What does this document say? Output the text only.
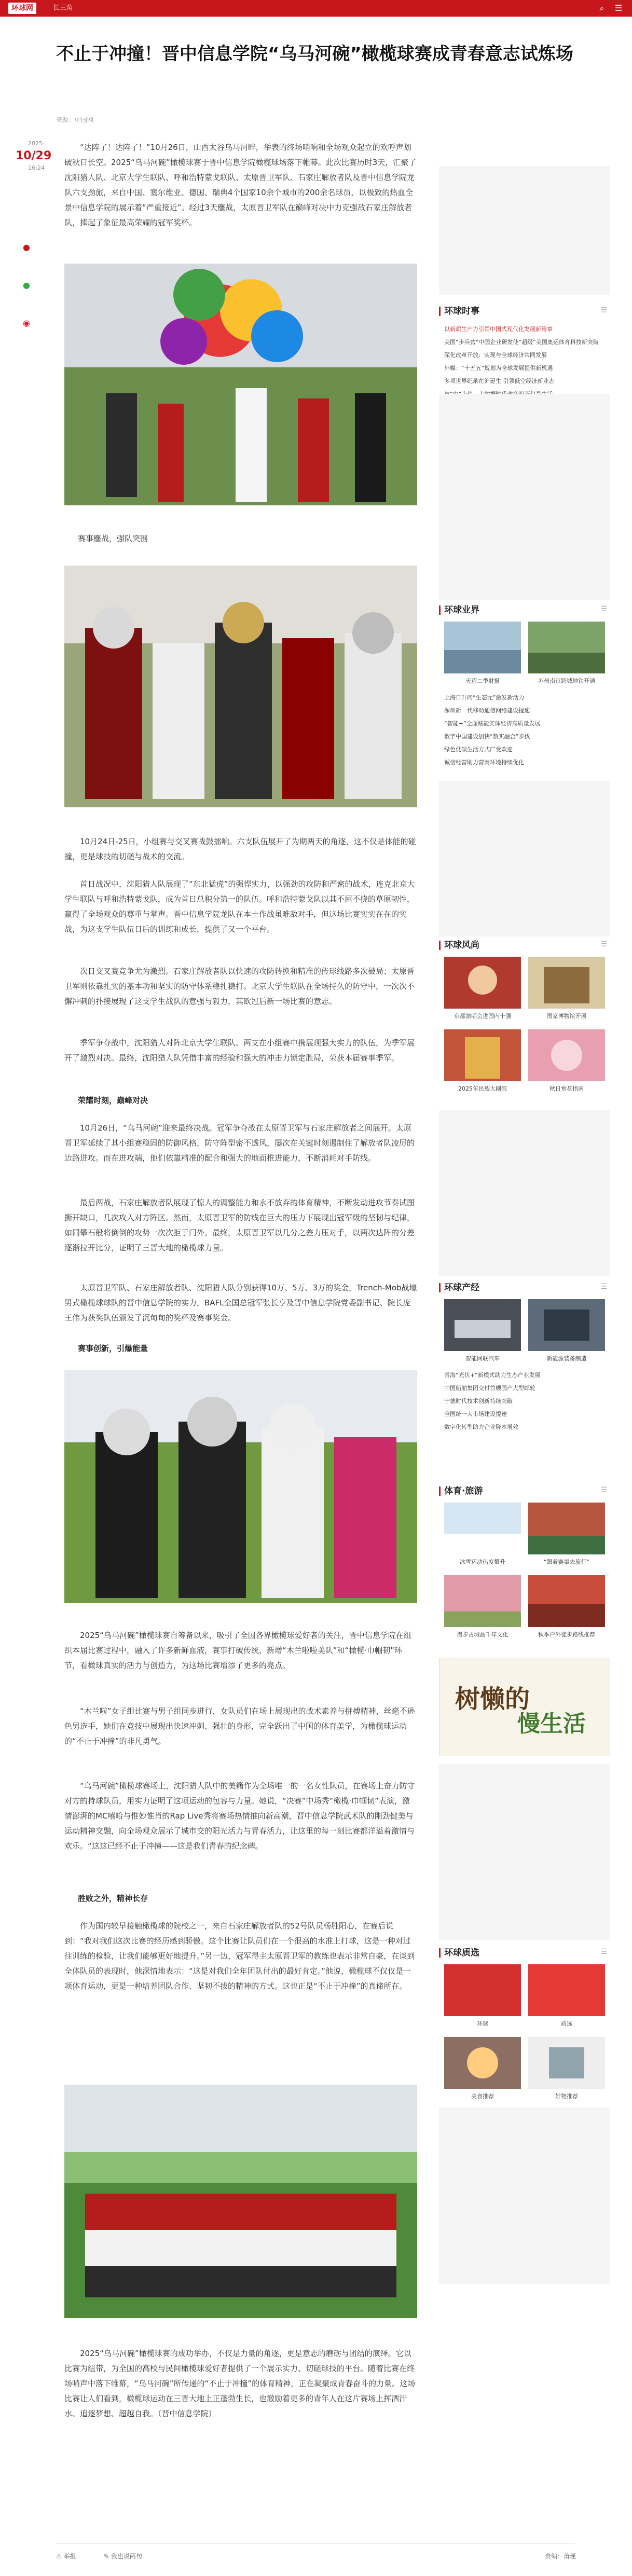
环球网	长三角	⌕	☰
不止于冲撞！晋中信息学院“乌马河碗”橄榄球赛成青春意志试炼场
来源：中国网
2025-
10/29
16:24
●
●
◉

“达阵了！达阵了！”10月26日，山西太谷乌马河畔，举表的终场哨响和全场观众起立的欢呼声划破秋日长空。2025“乌马河碗”橄榄球赛于晋中信息学院橄榄球场落下帷幕。此次比赛历时3天，汇聚了沈阳猎人队、北京大学生联队、呼和浩特蒙戈联队、太原晋卫军队、石家庄解放者队及晋中信息学院龙队六支劲旅，来自中国、塞尔维亚、德国、瑞典4个国家10余个城市的200余名球员，以极致的热血全景中信息学院的展示着“严重接近”。经过3天鏖战，太原晋卫军队在巅峰对决中力克强敌石家庄解放者队，捧起了象征最高荣耀的冠军奖杯。

赛事鏖战，强队突围

10月24日-25日，小组赛与交叉赛战鼓擂响。六支队伍展开了为期两天的角逐，这不仅是体能的碰撞，更是球技的切磋与战术的交流。

首日战况中，沈阳猎人队展现了“东北猛虎”的强悍实力，以强劲的攻防和严密的战术，连克北京大学生联队与呼和浩特蒙戈队，成为首日总积分第一的队伍。呼和浩特蒙戈队以其不屈不挠的草原韧性，赢得了全场观众的尊重与掌声。晋中信息学院龙队在本土作战虽难敌对手，但这场比赛实实在在的实战，为这支学生队伍日后的训练和成长，提供了又一个平台。

次日交叉赛竞争尤为激烈。石家庄解放者队以快速的攻防转换和精准的传球线路多次破局；太原晋卫军则依靠扎实的基本功和坚实的防守体系稳扎稳打。北京大学生联队在全场持久的防守中，一次次不懈冲刺的扑接展现了这支学生战队的意强与毅力，其欧冠后新一场比赛的意志。

季军争夺战中，沈阳猎人对阵北京大学生联队。两支在小组赛中携展现强大实力的队伍，为季军展开了激烈对决。最终，沈阳猎人队凭借丰富的经验和强大的冲击力锁定胜局，荣获本届赛事季军。

荣耀时刻，巅峰对决

10月26日，“乌马河碗”迎来最终决战。冠军争夺战在太原晋卫军与石家庄解放者之间展开。太原晋卫军延续了其小组赛稳固的防御风格，防守阵型密不透风，屡次在关键时刻遏制住了解放者队凌厉的边路进攻。而在进攻端，他们依靠精准的配合和强大的地面推进能力，不断消耗对手防线。

最后两战，石家庄解放者队展现了惊人的调整能力和永不放弃的体育精神，不断发动进攻节奏试图撕开缺口，几次攻入对方阵区。然而，太原晋卫军的防线在巨大的压力下展现出冠军级的坚韧与纪律，如同攀石般将倒倒的攻势一次次拒于门外。最终，太原晋卫军以几分之差力压对手，以两次达阵的分差逐渐拉开比分，证明了三晋大地的橄榄球力量。

太原晋卫军队、石家庄解放者队、沈阳猎人队分别获得10万、5万、3万的奖金，Trench-Mob战壕男式橄榄球球队的晋中信息学院的实力，BAFL全国总冠军张长亨及晋中信息学院党委副书记、院长庞王伟为获奖队伍颁发了沉甸甸的奖杯及赛事奖金。

赛事创新，引爆能量

2025“乌马河碗”橄榄球赛自筹备以来，吸引了全国各界橄榄球爱好者的关注，晋中信息学院在组织本届比赛过程中，融入了许多新鲜血液，赛事打破传统，新增“木兰啦啦美队”和“橄榄·巾帼韧”环节，看橄球真实的活力与创造力，为这场比赛增添了更多的亮点。

“木兰啦”女子组比赛与男子组同步进行，女队员们在场上展现出的战术素养与拼搏精神，丝毫不逊色男选手，她们在竞技中展现出快速冲刺、强壮的身形，完全跃出了中国的体育美学，为橄榄球运动的“不止于冲撞”的非凡勇气。

“乌马河碗”橄榄球赛场上，沈阳猎人队中的美籍作为全场唯一的一名女性队员，在赛场上奋力防守对方的持球队员，用实力证明了这项运动的包容与力量。她说，“决赛”中场秀“橄榄·巾帼韧”表演，激情澎湃的MC嘻哈与惟妙惟肖的Rap Live秀将赛场热情推向新高潮，晋中信息学院武术队的刚劲健美与运动精神交融，向全场观众展示了城市交的阳光活力与青春活力，让这里的每一刻比赛都洋溢着激情与欢乐。“这这已经不止于冲撞——这是我们青春的纪念碑。

胜败之外，精神长存

作为国内较早接触橄榄球的院校之一，来自石家庄解放者队的52号队员杨胜阳心，在赛后说到：“我对我们这次比赛的经历感到骄傲。这个比赛让队员们在一个很高的水准上打球，这是一种对过往训练的检验，让我们能够更好地提升。”另一边，冠军得主太原晋卫军的教练也表示非常自豪，在谈到全体队员的表现时，他深情地表示：“这是对我们全年团队付出的最好肯定。”他说，橄榄球不仅仅是一项体育运动，更是一种培养团队合作、坚韧不拔的精神的方式。这也正是“不止于冲撞”的真谛所在。

2025“乌马河碗”橄榄球赛的成功举办，不仅是力量的角逐，更是意志的磨砺与团结的演绎。它以比赛为纽带，为全国的高校与民间橄榄球爱好者提供了一个展示实力、切磋球技的平台。随着比赛在终场哨声中落下帷幕，“乌马河碗”所传递的“不止于冲撞”的体育精神，正在凝聚成青春奋斗的力量。这场比赛让人们看到，橄榄球运动在三晋大地上正蓬勃生长，也激励着更多的青年人在这片赛场上挥洒汗水、追逐梦想、超越自我。（晋中信息学院）

⚠ 举报	✎ 我也说两句	责编：萧瑾
环球时事	☰
以新质生产力引领中国式现代化发展新篇章
美国“步兵营”中国企业研发使“超级”美国奥运体育科技新突破
深化改革开放：实现与全球经济共同发展
外媒：“十五五”规划为全球发展提供新机遇
多项世界纪录在沪诞生 引领低空经济新业态
环球业界	☰
天迈二季财报	苏州南京跨城地铁开通
上海日升问“生态元”激发新活力
深圳新一代移动通信网络建设提速
“智能+”全面赋能实体经济高质量发展
数字中国建设加快“数实融合”步伐
绿色低碳生活方式广受欢迎
诚信经营助力营商环境持续优化
环球风尚	☰
东都演唱会进国内十强	国家博物馆开展
2025年民族大剧院	秋日赏花指南
环球产经	☰
智能网联汽车	新能源装备制造
青海“光伏+”新模式助力生态产业发展
中国船舶集团交付首艘国产大型邮轮
宁德时代技术创新持续突破
全国统一大市场建设提速
数字化转型助力企业降本增效
体育·旅游	☰
冰雪运动热度攀升	“跟着赛事去旅行”
漫步古城品千年文化	秋季户外徒步路线推荐
环球质选	☰
环球	质选
美食推荐	好物推荐
树懒的
慢生活
